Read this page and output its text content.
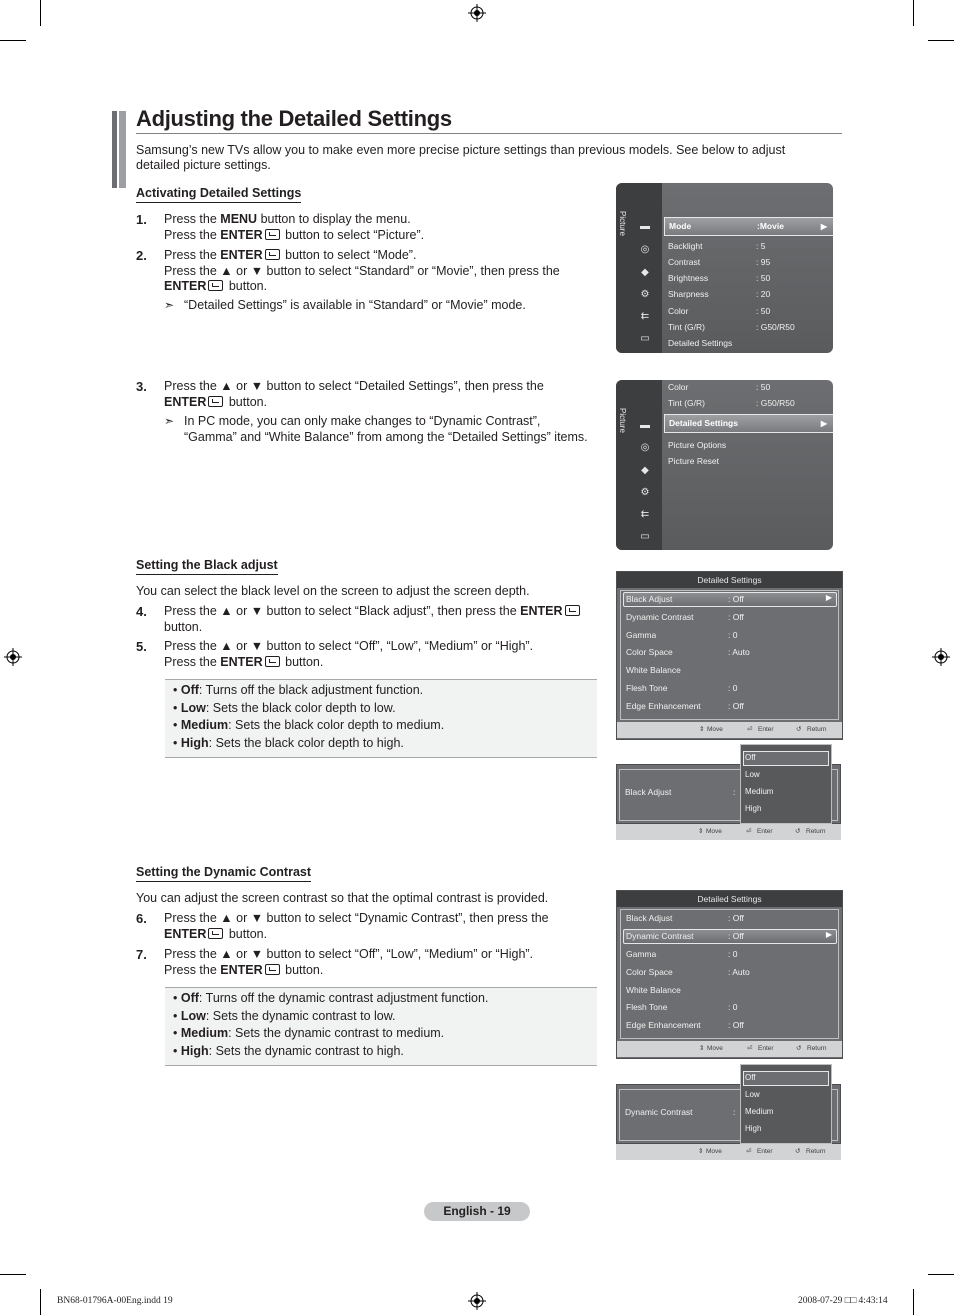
Adjusting the Detailed Settings
Samsung’s new TVs allow you to make even more precise picture settings than previous models. See below to adjust detailed picture settings.
Activating Detailed Settings
1. Press the MENU button to display the menu.
Press the ENTER button to select “Picture”.
2. Press the ENTER button to select “Mode”.
Press the ▲ or ▼ button to select “Standard” or “Movie”, then press the
ENTER button.
➣ “Detailed Settings” is available in “Standard” or “Movie” mode.
3. Press the ▲ or ▼ button to select “Detailed Settings”, then press the
ENTER button.
➣ In PC mode, you can only make changes to “Dynamic Contrast”,
“Gamma” and “White Balance” from among the “Detailed Settings” items.
Picture ▬
◎
◆
⚙
⇇
▭
Mode	:Movie	▶
Backlight	: 5
Contrast	: 95
Brightness	: 50
Sharpness	: 20
Color	: 50
Tint (G/R)	: G50/R50
Detailed Settings
Picture ▬
◎
◆
⚙
⇇
▭
Color	: 50
Tint (G/R)	: G50/R50
Detailed Settings	▶
Picture Options
Picture Reset
Setting the Black adjust
You can select the black level on the screen to adjust the screen depth.
4. Press the ▲ or ▼ button to select “Black adjust”, then press the ENTER
button.
5. Press the ▲ or ▼ button to select “Off”, “Low”, “Medium” or “High”.
Press the ENTER button.
• Off: Turns off the black adjustment function.
• Low: Sets the black color depth to low.
• Medium: Sets the black color depth to medium.
• High: Sets the black color depth to high.
Detailed Settings
▶
Black Adjust	: Off
Dynamic Contrast	: Off
Gamma	: 0
Color Space	: Auto
White Balance
Flesh Tone	: 0
Edge Enhancement	: Off
⇕ Move	⏎ Enter	↺ Return
Black Adjust	:
⇕ Move	⏎ Enter	↺ Return
Off
Low
Medium
High
Setting the Dynamic Contrast
You can adjust the screen contrast so that the optimal contrast is provided.
6. Press the ▲ or ▼ button to select “Dynamic Contrast”, then press the
ENTER button.
7. Press the ▲ or ▼ button to select “Off”, “Low”, “Medium” or “High”.
Press the ENTER button.
• Off: Turns off the dynamic contrast adjustment function.
• Low: Sets the dynamic contrast to low.
• Medium: Sets the dynamic contrast to medium.
• High: Sets the dynamic contrast to high.
Detailed Settings
▶
Black Adjust	: Off
Dynamic Contrast	: Off
Gamma	: 0
Color Space	: Auto
White Balance
Flesh Tone	: 0
Edge Enhancement	: Off
⇕ Move	⏎ Enter	↺ Return
Dynamic Contrast	:
⇕ Move	⏎ Enter	↺ Return
Off
Low
Medium
High
English - 19
BN68-01796A-00Eng.indd 19	2008-07-29 □□ 4:43:14
